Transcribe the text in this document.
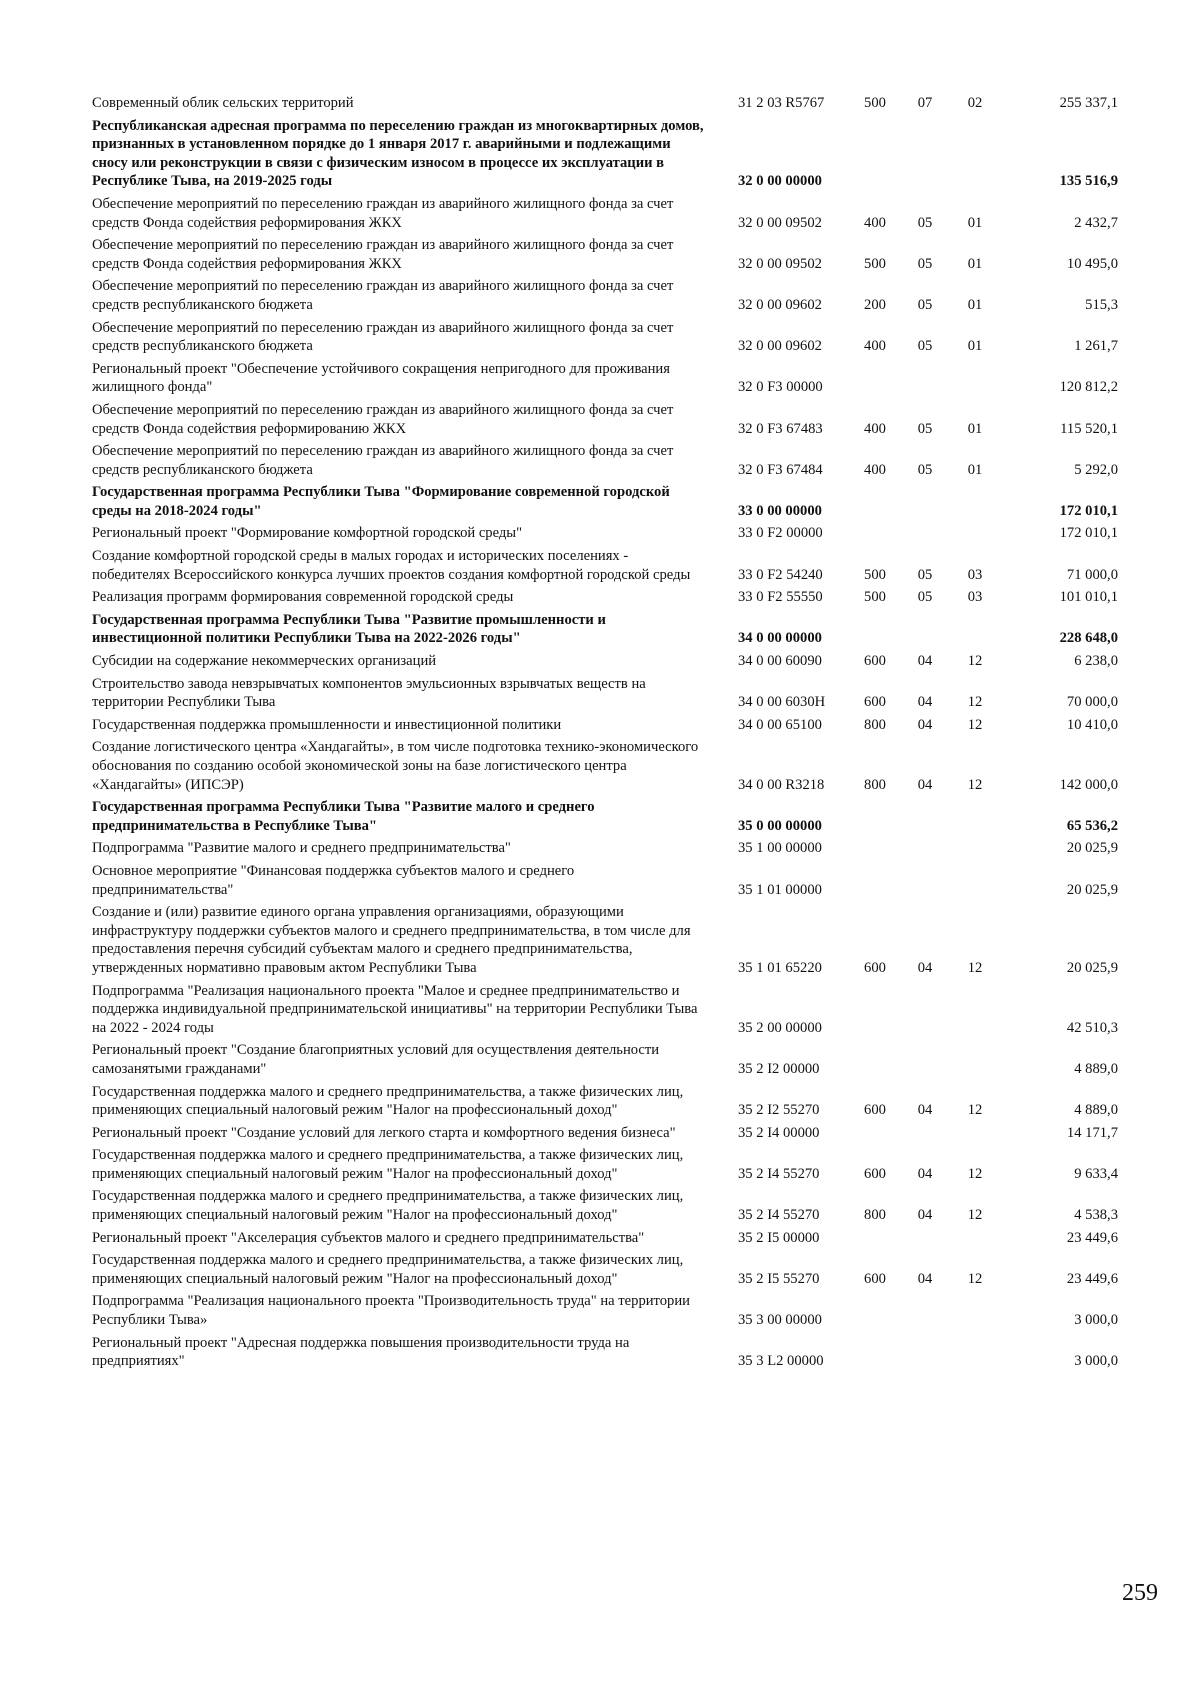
Современный облик сельских территорий	31 2 03 R5767	500	07	02	255 337,1
Республиканская адресная программа по переселению граждан из многоквартирных домов, признанных в установленном порядке до 1 января 2017 г. аварийными и подлежащими сносу или реконструкции в связи с физическим износом в процессе их эксплуатации в Республике Тыва, на 2019-2025 годы	32 0 00 00000				135 516,9
Обеспечение мероприятий по переселению граждан из аварийного жилищного фонда за счет средств Фонда содействия реформирования ЖКХ	32 0 00 09502	400	05	01	2 432,7
Обеспечение мероприятий по переселению граждан из аварийного жилищного фонда за счет средств Фонда содействия реформирования ЖКХ	32 0 00 09502	500	05	01	10 495,0
Обеспечение мероприятий по переселению граждан из аварийного жилищного фонда за счет средств республиканского бюджета	32 0 00 09602	200	05	01	515,3
Обеспечение мероприятий по переселению граждан из аварийного жилищного фонда за счет средств республиканского бюджета	32 0 00 09602	400	05	01	1 261,7
Региональный проект "Обеспечение устойчивого сокращения непригодного для проживания жилищного фонда"	32 0 F3 00000				120 812,2
Обеспечение мероприятий по переселению граждан из аварийного жилищного фонда за счет средств Фонда содействия реформированию ЖКХ	32 0 F3 67483	400	05	01	115 520,1
Обеспечение мероприятий по переселению граждан из аварийного жилищного фонда за счет средств республиканского бюджета	32 0 F3 67484	400	05	01	5 292,0
Государственная программа Республики Тыва "Формирование современной городской среды на 2018-2024 годы"	33 0 00 00000				172 010,1
Региональный проект "Формирование комфортной городской среды"	33 0 F2 00000				172 010,1
Создание комфортной городской среды в малых городах и исторических поселениях - победителях Всероссийского конкурса лучших проектов создания комфортной городской среды	33 0 F2 54240	500	05	03	71 000,0
Реализация программ формирования современной городской среды	33 0 F2 55550	500	05	03	101 010,1
Государственная программа Республики Тыва "Развитие промышленности и инвестиционной политики Республики Тыва на 2022-2026 годы"	34 0 00 00000				228 648,0
Субсидии на содержание некоммерческих организаций	34 0 00 60090	600	04	12	6 238,0
Строительство завода невзрывчатых компонентов эмульсионных взрывчатых веществ на территории Республики Тыва	34 0 00 6030Н	600	04	12	70 000,0
Государственная поддержка промышленности и инвестиционной политики	34 0 00 65100	800	04	12	10 410,0
Создание логистического центра «Хандагайты», в том числе подготовка технико-экономического обоснования по созданию особой экономической зоны на базе логистического центра «Хандагайты» (ИПСЭР)	34 0 00 R3218	800	04	12	142 000,0
Государственная программа Республики Тыва "Развитие малого и среднего предпринимательства в Республике Тыва"	35 0 00 00000				65 536,2
Подпрограмма "Развитие малого и среднего предпринимательства"	35 1 00 00000				20 025,9
Основное мероприятие "Финансовая поддержка субъектов малого и среднего предпринимательства"	35 1 01 00000				20 025,9
Создание и (или) развитие единого органа управления организациями, образующими инфраструктуру поддержки субъектов малого и среднего предпринимательства, в том числе для предоставления перечня субсидий субъектам малого и среднего предпринимательства, утвержденных нормативно правовым актом Республики Тыва	35 1 01 65220	600	04	12	20 025,9
Подпрограмма "Реализация национального проекта "Малое и среднее предпринимательство и поддержка индивидуальной предпринимательской инициативы" на территории Республики Тыва на 2022 - 2024 годы	35 2 00 00000				42 510,3
Региональный проект "Создание благоприятных условий для осуществления деятельности самозанятыми гражданами"	35 2 I2 00000				4 889,0
Государственная поддержка малого и среднего предпринимательства, а также физических лиц, применяющих специальный налоговый режим "Налог на профессиональный доход"	35 2 I2 55270	600	04	12	4 889,0
Региональный проект "Создание условий для легкого старта и комфортного ведения бизнеса"	35 2 I4 00000				14 171,7
Государственная поддержка малого и среднего предпринимательства, а также физических лиц, применяющих специальный налоговый режим "Налог на профессиональный доход"	35 2 I4 55270	600	04	12	9 633,4
Государственная поддержка малого и среднего предпринимательства, а также физических лиц, применяющих специальный налоговый режим "Налог на профессиональный доход"	35 2 I4 55270	800	04	12	4 538,3
Региональный проект "Акселерация субъектов малого и среднего предпринимательства"	35 2 I5 00000				23 449,6
Государственная поддержка малого и среднего предпринимательства, а также физических лиц, применяющих специальный налоговый режим "Налог на профессиональный доход"	35 2 I5 55270	600	04	12	23 449,6
Подпрограмма "Реализация национального проекта "Производительность труда" на территории Республики Тыва»	35 3 00 00000				3 000,0
Региональный проект "Адресная поддержка повышения производительности труда на предприятиях"	35 3 L2 00000				3 000,0
259
